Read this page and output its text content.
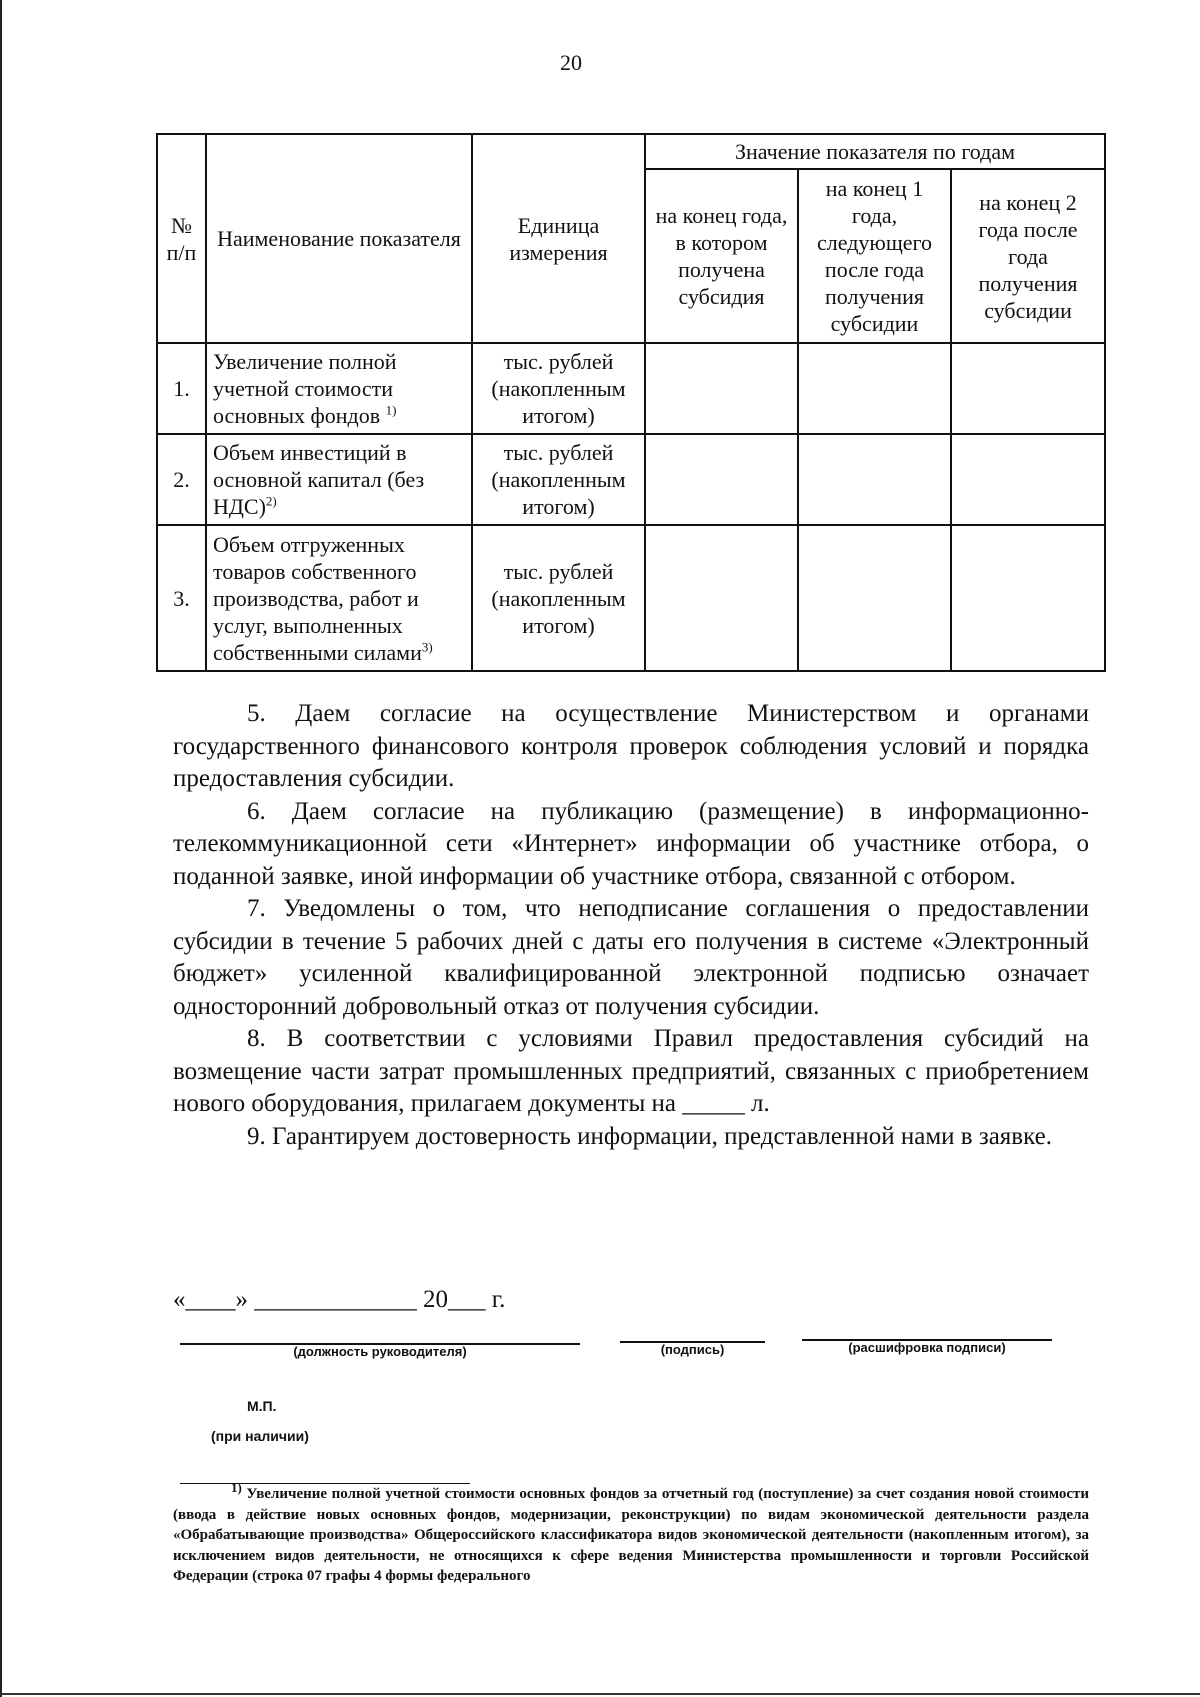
20
№ п/п	Наименование показателя	Единица измерения	Значение показателя по годам		
			на конец года, в котором получена субсидия	на конец 1 года, следующего после года получения субсидии	на конец 2 года после года получения субсидии
1.	Увеличение полной учетной стоимости основных фондов $^{1)}$	тыс. рублей (накопленным итогом)			
2.	Объем инвестиций в основной капитал (без НДС)$^{2)}$	тыс. рублей (накопленным итогом)			
3.	Объем отгруженных товаров собственного производства, работ и услуг, выполненных собственными силами$^{3)}$	тыс. рублей (накопленным итогом)			

5. Даем согласие на осуществление Министерством и органами государственного финансового контроля проверок соблюдения условий и порядка предоставления субсидии.

6. Даем согласие на публикацию (размещение) в информационно-телекоммуникационной сети «Интернет» информации об участнике отбора, о поданной заявке, иной информации об участнике отбора, связанной с отбором.

7. Уведомлены о том, что неподписание соглашения о предоставлении субсидии в течение 5 рабочих дней с даты его получения в системе «Электронный бюджет» усиленной квалифицированной электронной подписью означает односторонний добровольный отказ от получения субсидии.

8. В соответствии с условиями Правил предоставления субсидий на возмещение части затрат промышленных предприятий, связанных с приобретением нового оборудования, прилагаем документы на _____ л.

9. Гарантируем достоверность информации, представленной нами в заявке.

«____» _____________ 20___ г.
(должность руководителя)	(подпись)	(расшифровка подписи)
М.П.
(при наличии)
$^{1)}$ Увеличение полной учетной стоимости основных фондов за отчетный год (поступление) за счет создания новой стоимости (ввода в действие новых основных фондов, модернизации, реконструкции) по видам экономической деятельности раздела «Обрабатывающие производства» Общероссийского классификатора видов экономической деятельности (накопленным итогом), за исключением видов деятельности, не относящихся к сфере ведения Министерства промышленности и торговли Российской Федерации (строка 07 графы 4 формы федерального
